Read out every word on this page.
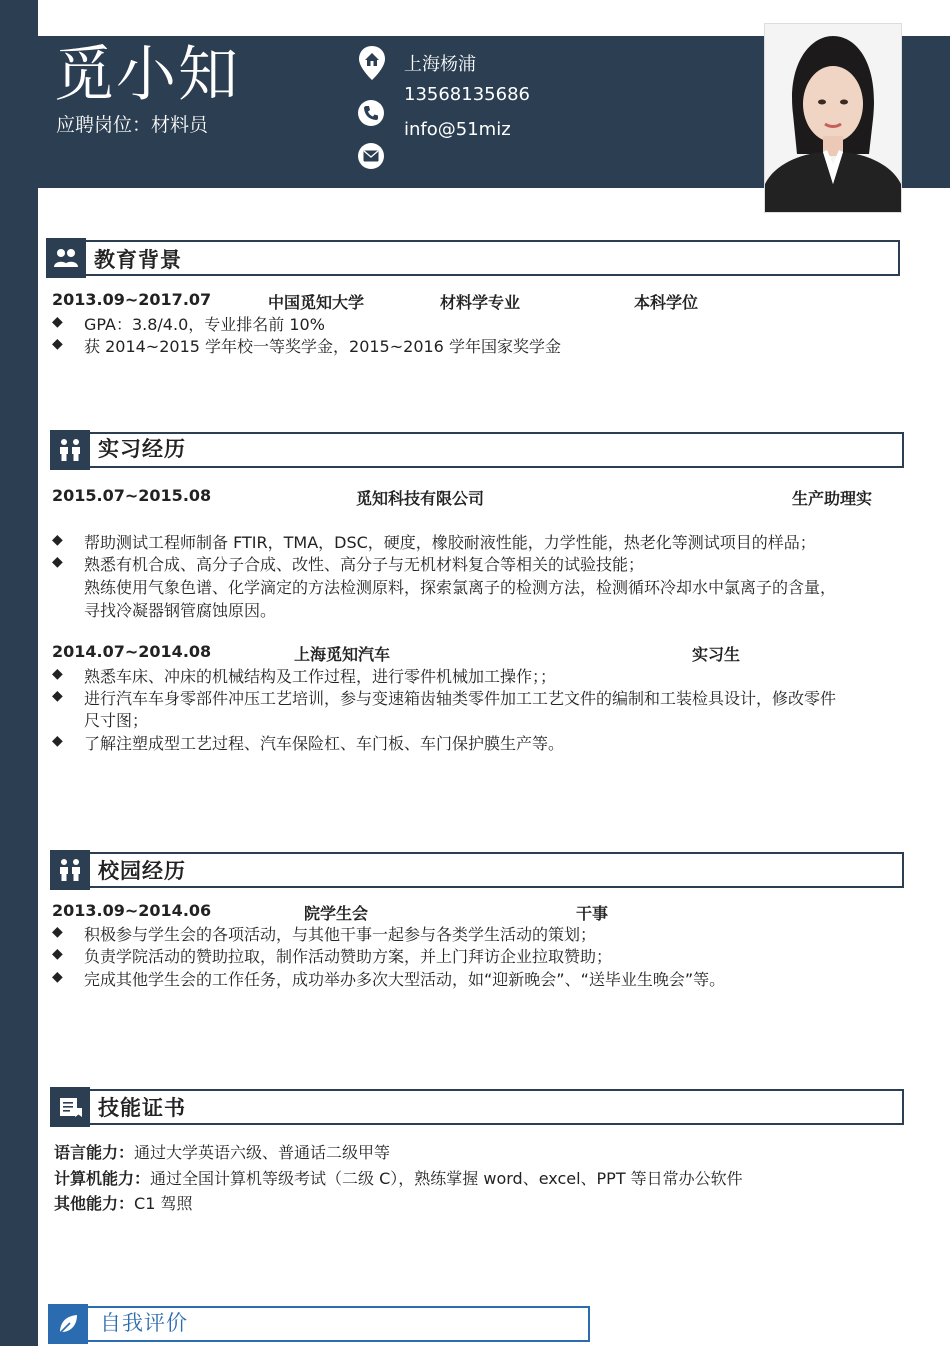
觅小知
应聘岗位：材料员
上海杨浦
13568135686
info@51miz
教育背景
2013.09~2017.07	中国觅知大学	材料学专业	本科学位
◆ GPA：3.8/4.0，专业排名前 10%
◆ 获 2014~2015 学年校一等奖学金，2015~2016 学年国家奖学金
实习经历
2015.07~2015.08	觅知科技有限公司	生产助理实
◆ 帮助测试工程师制备 FTIR，TMA，DSC，硬度，橡胶耐液性能，力学性能，热老化等测试项目的样品；
◆ 熟悉有机合成、高分子合成、改性、高分子与无机材料复合等相关的试验技能；
熟练使用气象色谱、化学滴定的方法检测原料，探索氯离子的检测方法，检测循环冷却水中氯离子的含量，
寻找冷凝器钢管腐蚀原因。
2014.07~2014.08	上海觅知汽车	实习生
◆ 熟悉车床、冲床的机械结构及工作过程，进行零件机械加工操作；；
◆ 进行汽车车身零部件冲压工艺培训，参与变速箱齿轴类零件加工工艺文件的编制和工装检具设计，修改零件
尺寸图；
◆ 了解注塑成型工艺过程、汽车保险杠、车门板、车门保护膜生产等。
校园经历
2013.09~2014.06	院学生会	干事
◆ 积极参与学生会的各项活动，与其他干事一起参与各类学生活动的策划；
◆ 负责学院活动的赞助拉取，制作活动赞助方案，并上门拜访企业拉取赞助；
◆ 完成其他学生会的工作任务，成功举办多次大型活动，如“迎新晚会”、“送毕业生晚会”等。
技能证书
语言能力：通过大学英语六级、普通话二级甲等
计算机能力：通过全国计算机等级考试（二级 C），熟练掌握 word、excel、PPT 等日常办公软件
其他能力：C1 驾照
自我评价
